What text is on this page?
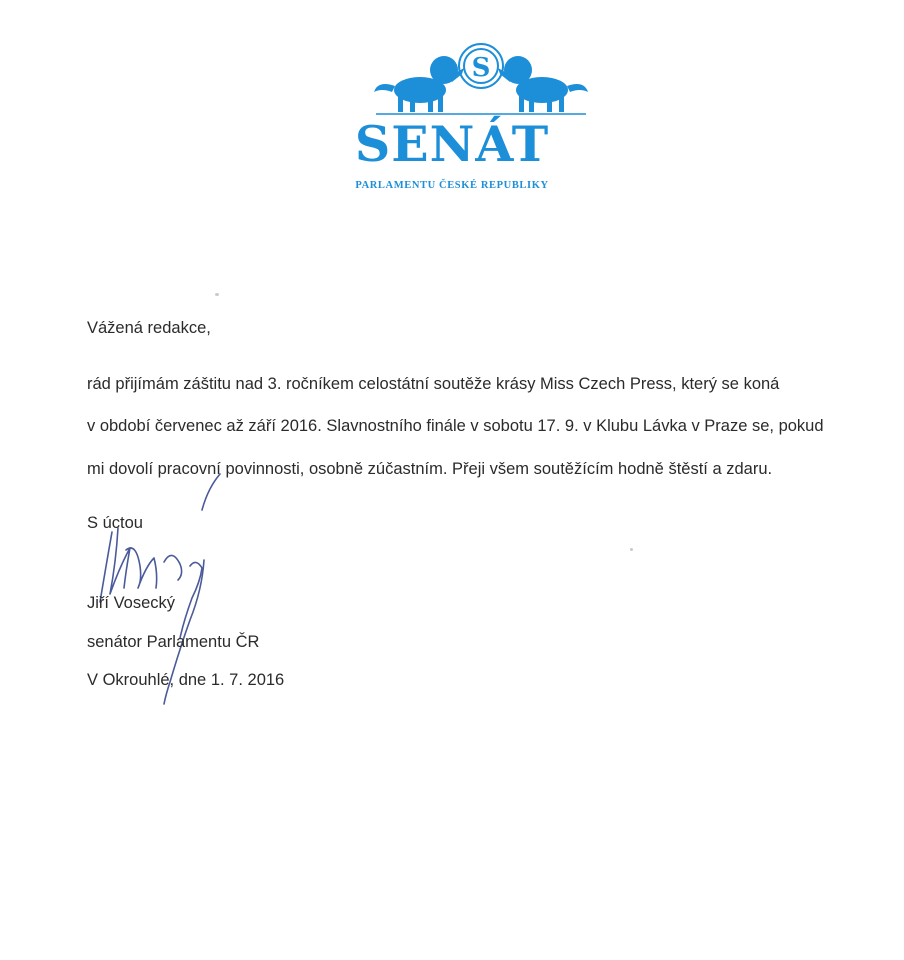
S
SENÁT
PARLAMENTU ČESKÉ REPUBLIKY
Vážená redakce,
rád přijímám záštitu nad 3. ročníkem celostátní soutěže krásy Miss Czech Press, který se koná
v období červenec až září 2016. Slavnostního finále v sobotu 17. 9. v Klubu Lávka v Praze se, pokud
mi dovolí pracovní povinnosti, osobně zúčastním. Přeji všem soutěžícím hodně štěstí a zdaru.
S úctou
Jiří Vosecký
senátor Parlamentu ČR
V Okrouhlé, dne 1. 7. 2016
